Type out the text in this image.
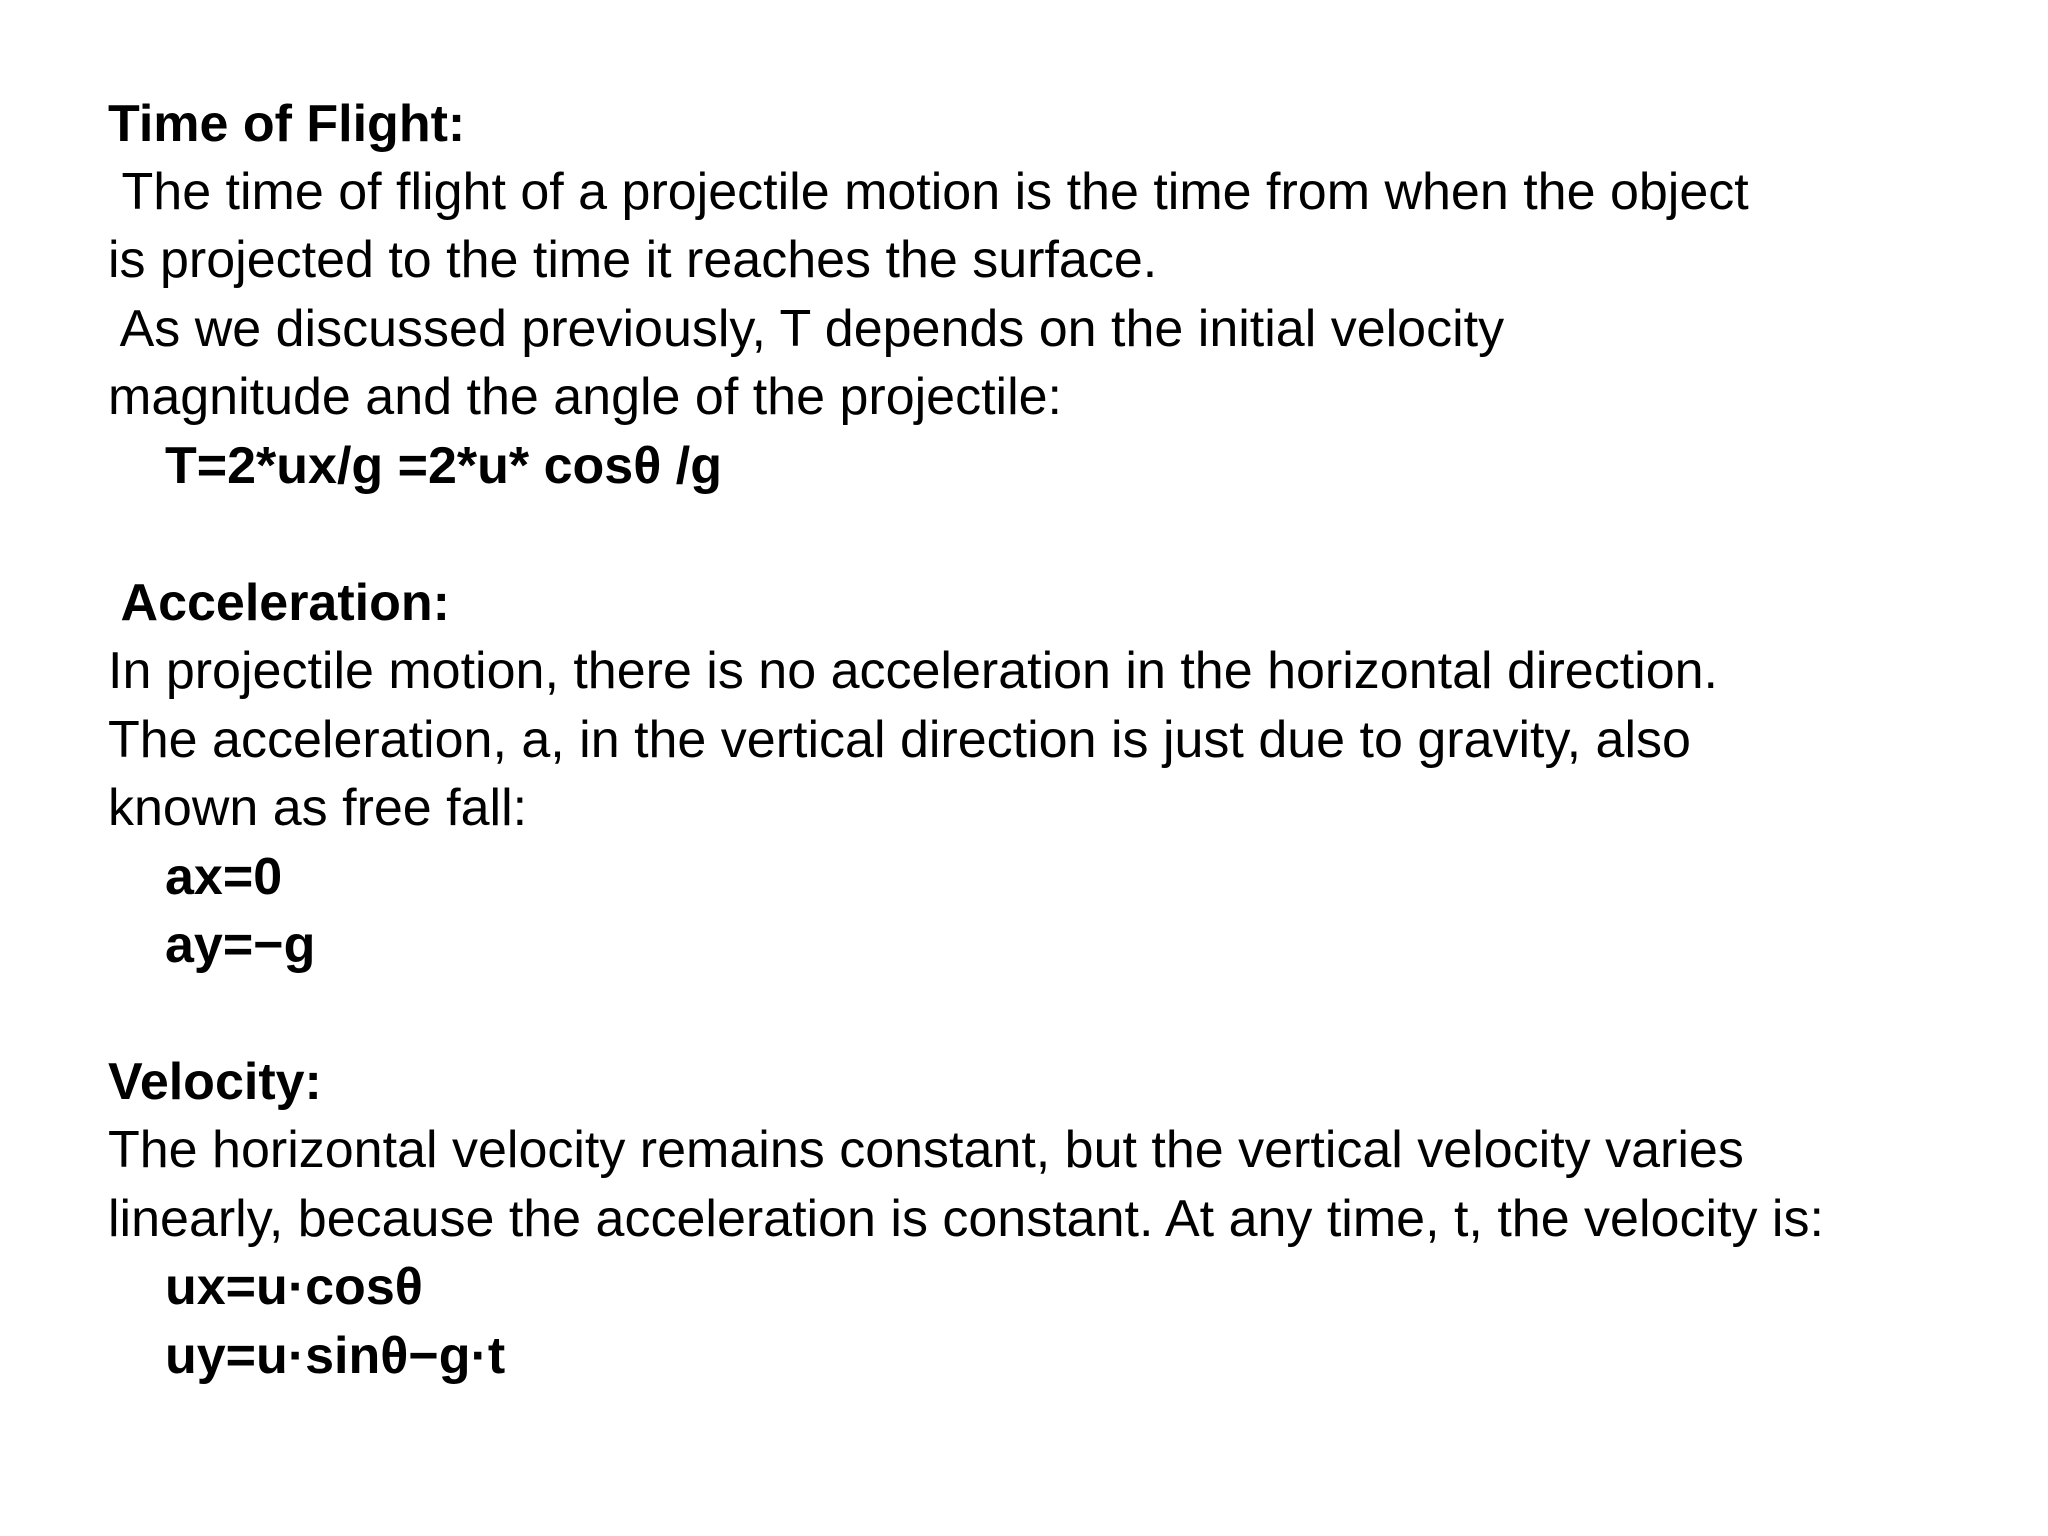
Time of Flight:
The time of flight of a projectile motion is the time from when the object
is projected to the time it reaches the surface.
As we discussed previously, T depends on the initial velocity
magnitude and the angle of the projectile:
T=2*ux/g =2*u* cosθ /g
Acceleration:
In projectile motion, there is no acceleration in the horizontal direction.
The acceleration, a, in the vertical direction is just due to gravity, also
known as free fall:
ax=0
ay=−g
Velocity:
The horizontal velocity remains constant, but the vertical velocity varies
linearly, because the acceleration is constant. At any time, t, the velocity is:
ux=u·cosθ
uy=u·sinθ−g·t
